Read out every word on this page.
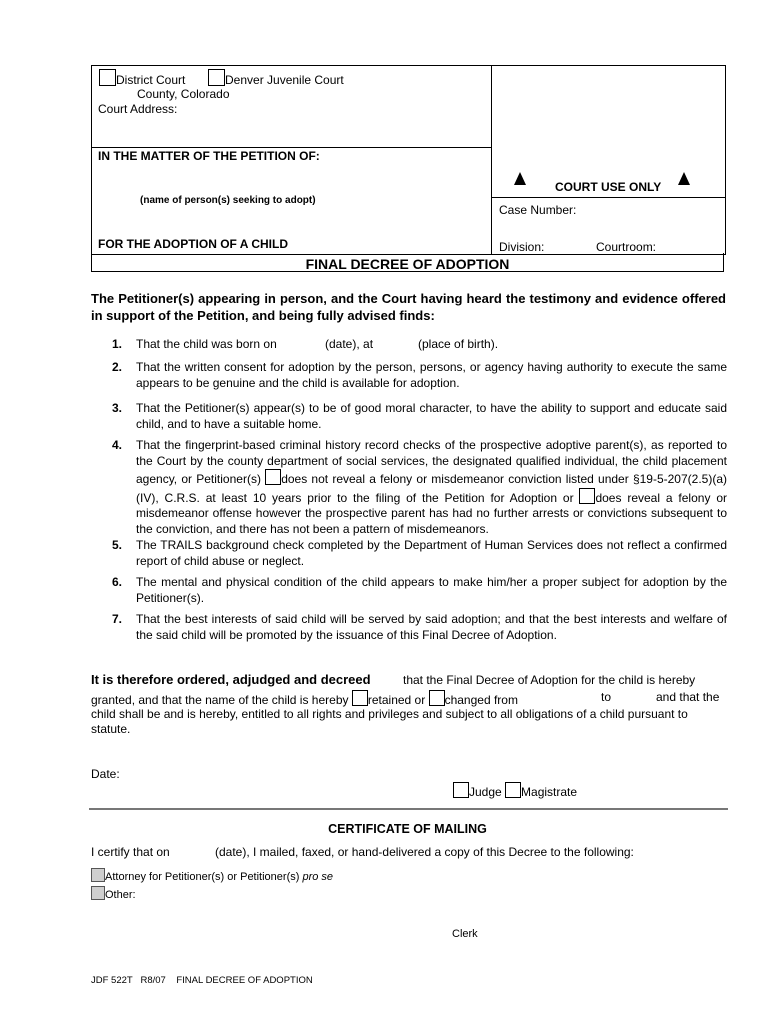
District Court	Denver Juvenile Court
County, Colorado
Court Address:
IN THE MATTER OF THE PETITION OF:
(name of person(s) seeking to adopt)
FOR THE ADOPTION OF A CHILD
COURT USE ONLY
Case Number:
Division:	Courtroom:
FINAL DECREE OF ADOPTION
The Petitioner(s) appearing in person, and the Court having heard the testimony and evidence offered in support of the Petition, and being fully advised finds:
1. That the child was born on	(date), at	(place of birth).
2. That the written consent for adoption by the person, persons, or agency having authority to execute the same appears to be genuine and the child is available for adoption.
3. That the Petitioner(s) appear(s) to be of good moral character, to have the ability to support and educate said child, and to have a suitable home.
4. That the fingerprint-based criminal history record checks of the prospective adoptive parent(s), as reported to the Court by the county department of social services, the designated qualified individual, the child placement agency, or Petitioner(s) does not reveal a felony or misdemeanor conviction listed under §19-5-207(2.5)(a)(IV), C.R.S. at least 10 years prior to the filing of the Petition for Adoption or does reveal a felony or misdemeanor offense however the prospective parent has had no further arrests or convictions subsequent to the conviction, and there has not been a pattern of misdemeanors.
5. The TRAILS background check completed by the Department of Human Services does not reflect a confirmed report of child abuse or neglect.
6. The mental and physical condition of the child appears to make him/her a proper subject for adoption by the Petitioner(s).
7. That the best interests of said child will be served by said adoption; and that the best interests and welfare of the said child will be promoted by the issuance of this Final Decree of Adoption.
It is therefore ordered, adjudged and decreed	that the Final Decree of Adoption for the child is hereby
granted, and that the name of the child is hereby retained or changed from	to	and that the
child shall be and is hereby, entitled to all rights and privileges and subject to all obligations of a child pursuant to
statute.
Date:
Judge Magistrate
CERTIFICATE OF MAILING
I certify that on	(date), I mailed, faxed, or hand-delivered a copy of this Decree to the following:
Attorney for Petitioner(s) or Petitioner(s) pro se
Other:
Clerk
JDF 522T   R8/07    FINAL DECREE OF ADOPTION
